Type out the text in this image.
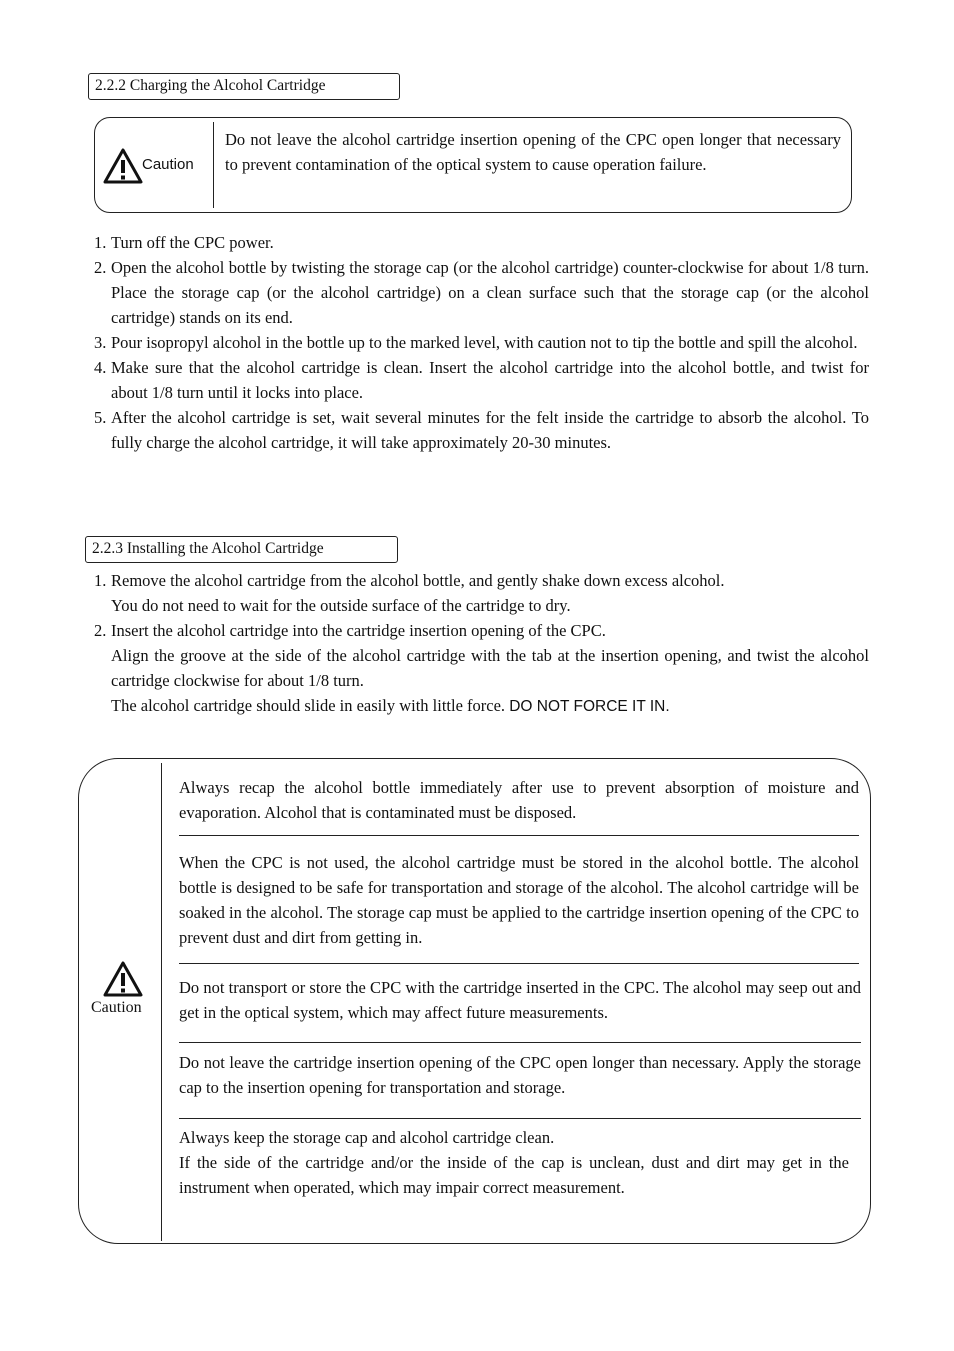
2.2.2 Charging the Alcohol Cartridge
Caution
Do not leave the alcohol cartridge insertion opening of the CPC open longer that necessary to prevent contamination of the optical system to cause operation failure.
1. Turn off the CPC power.
2. Open the alcohol bottle by twisting the storage cap (or the alcohol cartridge) counter-clockwise for about 1/8 turn. Place the storage cap (or the alcohol cartridge) on a clean surface such that the storage cap (or the alcohol cartridge) stands on its end.
3. Pour isopropyl alcohol in the bottle up to the marked level, with caution not to tip the bottle and spill the alcohol.
4. Make sure that the alcohol cartridge is clean. Insert the alcohol cartridge into the alcohol bottle, and twist for about 1/8 turn until it locks into place.
5. After the alcohol cartridge is set, wait several minutes for the felt inside the cartridge to absorb the alcohol. To fully charge the alcohol cartridge, it will take approximately 20-30 minutes.
2.2.3 Installing the Alcohol Cartridge
1. Remove the alcohol cartridge from the alcohol bottle, and gently shake down excess alcohol.
You do not need to wait for the outside surface of the cartridge to dry.
2. Insert the alcohol cartridge into the cartridge insertion opening of the CPC.
Align the groove at the side of the alcohol cartridge with the tab at the insertion opening, and twist the alcohol cartridge clockwise for about 1/8 turn.
The alcohol cartridge should slide in easily with little force. DO NOT FORCE IT IN.
Caution
Always recap the alcohol bottle immediately after use to prevent absorption of moisture and evaporation. Alcohol that is contaminated must be disposed.
When the CPC is not used, the alcohol cartridge must be stored in the alcohol bottle. The alcohol bottle is designed to be safe for transportation and storage of the alcohol. The alcohol cartridge will be soaked in the alcohol. The storage cap must be applied to the cartridge insertion opening of the CPC to prevent dust and dirt from getting in.
Do not transport or store the CPC with the cartridge inserted in the CPC. The alcohol may seep out and get in the optical system, which may affect future measurements.
Do not leave the cartridge insertion opening of the CPC open longer than necessary. Apply the storage cap to the insertion opening for transportation and storage.
Always keep the storage cap and alcohol cartridge clean.
If the side of the cartridge and/or the inside of the cap is unclean, dust and dirt may get in the instrument when operated, which may impair correct measurement.
